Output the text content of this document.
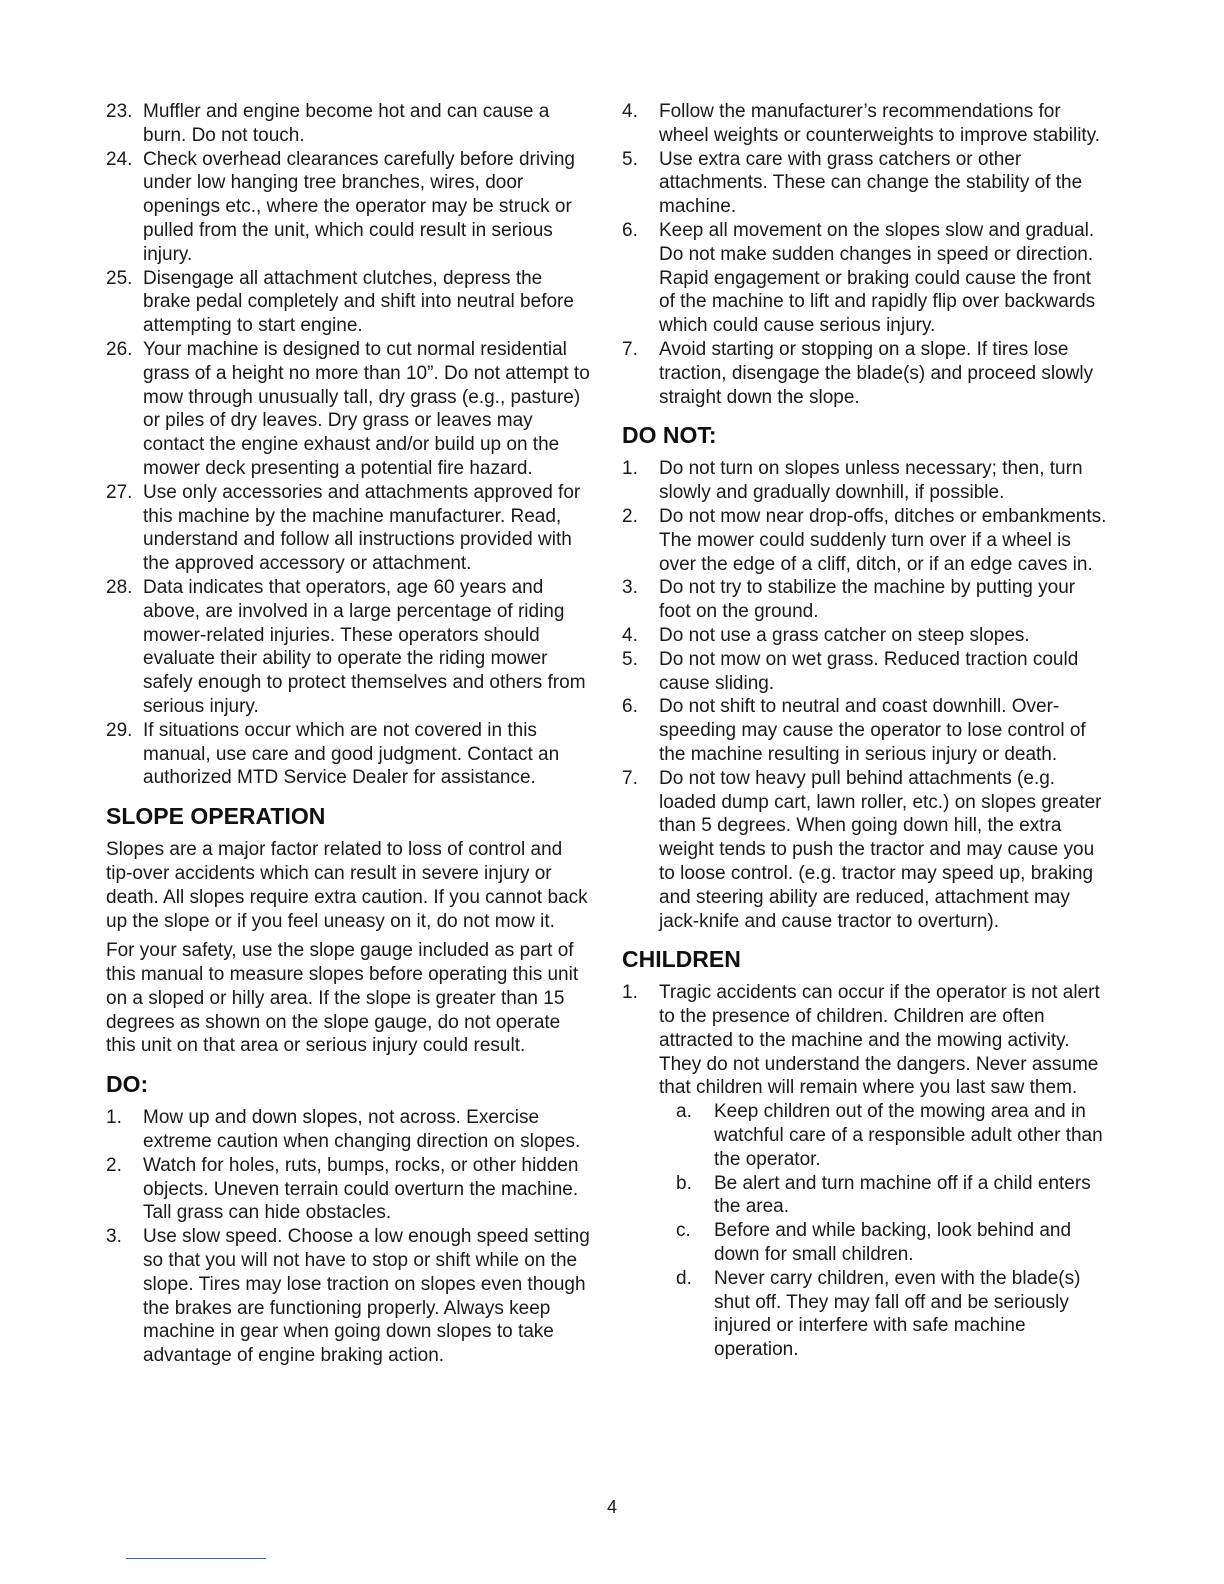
23. Muffler and engine become hot and can cause a burn. Do not touch.
24. Check overhead clearances carefully before driving under low hanging tree branches, wires, door openings etc., where the operator may be struck or pulled from the unit, which could result in serious injury.
25. Disengage all attachment clutches, depress the brake pedal completely and shift into neutral before attempting to start engine.
26. Your machine is designed to cut normal residential grass of a height no more than 10”. Do not attempt to mow through unusually tall, dry grass (e.g., pasture) or piles of dry leaves. Dry grass or leaves may contact the engine exhaust and/or build up on the mower deck presenting a potential fire hazard.
27. Use only accessories and attachments approved for this machine by the machine manufacturer. Read, understand and follow all instructions provided with the approved accessory or attachment.
28. Data indicates that operators, age 60 years and above, are involved in a large percentage of riding mower-related injuries. These operators should evaluate their ability to operate the riding mower safely enough to protect themselves and others from serious injury.
29. If situations occur which are not covered in this manual, use care and good judgment. Contact an authorized MTD Service Dealer for assistance.
SLOPE OPERATION

Slopes are a major factor related to loss of control and tip-over accidents which can result in severe injury or death. All slopes require extra caution. If you cannot back up the slope or if you feel uneasy on it, do not mow it.

For your safety, use the slope gauge included as part of this manual to measure slopes before operating this unit on a sloped or hilly area. If the slope is greater than 15 degrees as shown on the slope gauge, do not operate this unit on that area or serious injury could result.

DO:
1.	Mow up and down slopes, not across. Exercise extreme caution when changing direction on slopes.
2.	Watch for holes, ruts, bumps, rocks, or other hidden objects. Uneven terrain could overturn the machine. Tall grass can hide obstacles.
3.	Use slow speed. Choose a low enough speed setting so that you will not have to stop or shift while on the slope. Tires may lose traction on slopes even though the brakes are functioning properly. Always keep machine in gear when going down slopes to take advantage of engine braking action.
4.	Follow the manufacturer’s recommendations for wheel weights or counterweights to improve stability.
5.	Use extra care with grass catchers or other attachments. These can change the stability of the machine.
6.	Keep all movement on the slopes slow and gradual. Do not make sudden changes in speed or direction. Rapid engagement or braking could cause the front of the machine to lift and rapidly flip over backwards which could cause serious injury.
7.	Avoid starting or stopping on a slope. If tires lose traction, disengage the blade(s) and proceed slowly straight down the slope.
DO NOT:
1.	Do not turn on slopes unless necessary; then, turn slowly and gradually downhill, if possible.
2.	Do not mow near drop-offs, ditches or embankments. The mower could suddenly turn over if a wheel is over the edge of a cliff, ditch, or if an edge caves in.
3.	Do not try to stabilize the machine by putting your foot on the ground.
4.	Do not use a grass catcher on steep slopes.
5.	Do not mow on wet grass. Reduced traction could cause sliding.
6.	Do not shift to neutral and coast downhill. Over-speeding may cause the operator to lose control of the machine resulting in serious injury or death.
7.	Do not tow heavy pull behind attachments (e.g. loaded dump cart, lawn roller, etc.) on slopes greater than 5 degrees. When going down hill, the extra weight tends to push the tractor and may cause you to loose control. (e.g. tractor may speed up, braking and steering ability are reduced, attachment may jack-knife and cause tractor to overturn).
CHILDREN
1.	Tragic accidents can occur if the operator is not alert to the presence of children. Children are often attracted to the machine and the mowing activity. They do not understand the dangers. Never assume that children will remain where you last saw them.
a.	Keep children out of the mowing area and in watchful care of a responsible adult other than the operator.
b.	Be alert and turn machine off if a child enters the area.
c.	Before and while backing, look behind and down for small children.
d.	Never carry children, even with the blade(s) shut off. They may fall off and be seriously injured or interfere with safe machine operation.
4
